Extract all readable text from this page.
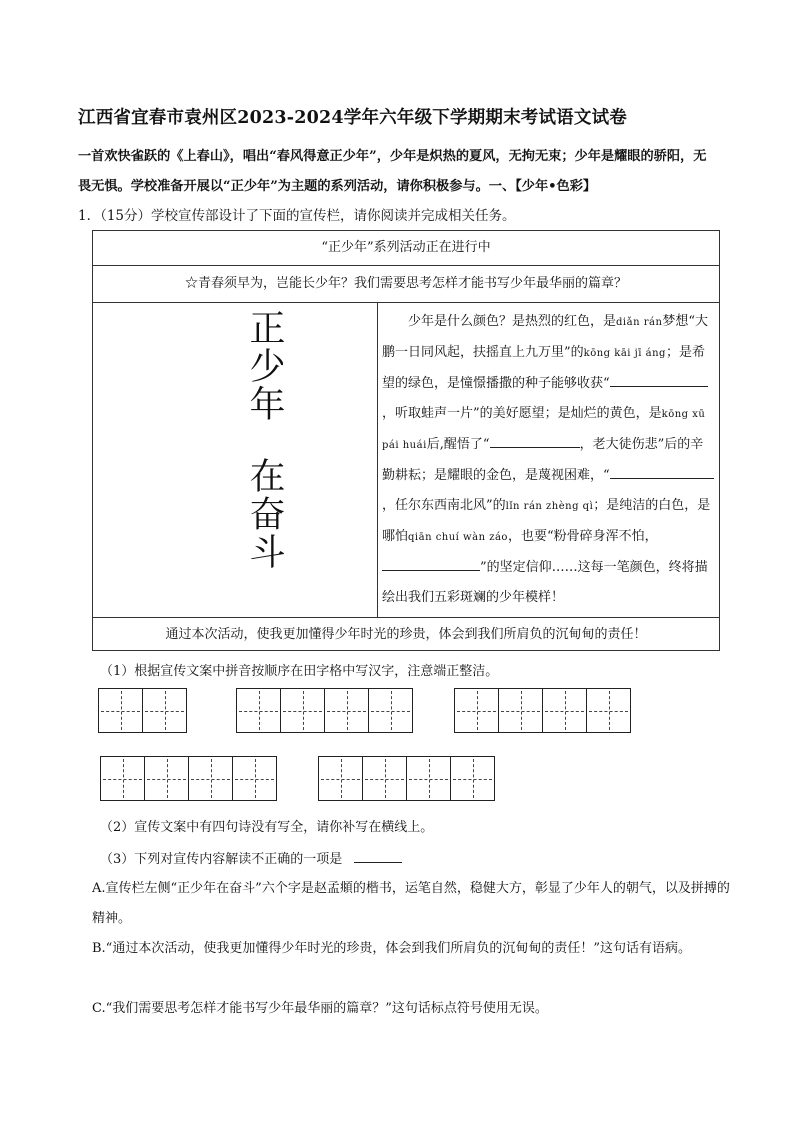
江西省宜春市袁州区2023-2024学年六年级下学期期末考试语文试卷
一首欢快雀跃的《上春山》，唱出“春风得意正少年”，少年是炽热的夏风，无拘无束；少年是耀眼的骄阳，无畏无惧。学校准备开展以“正少年”为主题的系列活动，请你积极参与。一、【少年•色彩】
1．（15分）学校宣传部设计了下面的宣传栏，请你阅读并完成相关任务。
“正少年”系列活动正在进行中
☆青春须早为，岂能长少年？我们需要思考怎样才能书写少年最华丽的篇章？
正少年
在奋斗
少年是什么颜色？是热烈的红色，是diǎn rán梦想“大鹏一日同风起，扶摇直上九万里”的kōng kāi jī áng；是希望的绿色，是憧憬播撒的种子能够收获“，听取蛙声一片”的美好愿望；是灿烂的黄色，是kōng xū pái huái后,醒悟了“	，老大徒伤悲”后的辛勤耕耘；是耀眼的金色，是蔑视困难，“，任尔东西南北风”的lǐn rán zhèng qì；是纯洁的白色，是哪怕qiān chuí wàn záo，也要“粉骨碎身浑不怕，”的坚定信仰……这每一笔颜色，终将描绘出我们五彩斑斓的少年模样！
通过本次活动，使我更加懂得少年时光的珍贵，体会到我们所肩负的沉甸甸的责任！
（1）根据宣传文案中拼音按顺序在田字格中写汉字，注意端正整洁。
（2）宣传文案中有四句诗没有写全，请你补写在横线上。
（3）下列对宣传内容解读不正确的一项是
A.宣传栏左侧“正少年在奋斗”六个字是赵孟頫的楷书，运笔自然，稳健大方，彰显了少年人的朝气，以及拼搏的精神。
B.“通过本次活动，使我更加懂得少年时光的珍贵，体会到我们所肩负的沉甸甸的责任！”这句话有语病。
C.“我们需要思考怎样才能书写少年最华丽的篇章？”这句话标点符号使用无误。
